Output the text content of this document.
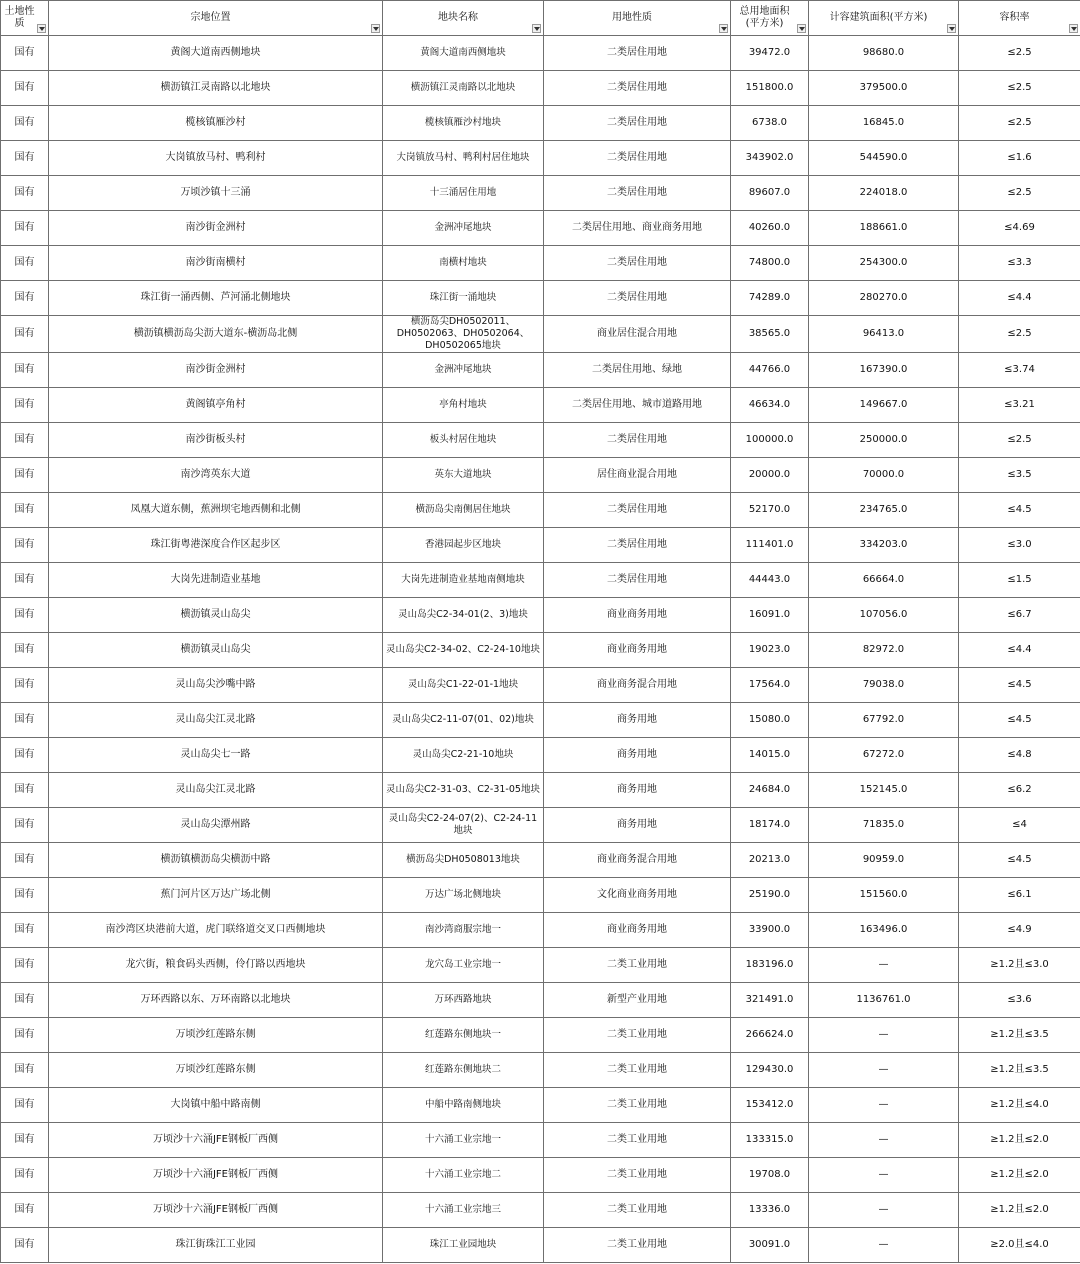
土地性质	宗地位置	地块名称	用地性质	总用地面积(平方米)	计容建筑面积(平方米)	容积率

国有	黄阁大道南西侧地块	黄阁大道南西侧地块	二类居住用地	39472.0	98680.0	≤2.5
国有	横沥镇江灵南路以北地块	横沥镇江灵南路以北地块	二类居住用地	151800.0	379500.0	≤2.5
国有	榄核镇雁沙村	榄核镇雁沙村地块	二类居住用地	6738.0	16845.0	≤2.5
国有	大岗镇放马村、鸭利村	大岗镇放马村、鸭利村居住地块	二类居住用地	343902.0	544590.0	≤1.6
国有	万顷沙镇十三涌	十三涌居住用地	二类居住用地	89607.0	224018.0	≤2.5
国有	南沙街金洲村	金洲冲尾地块	二类居住用地、商业商务用地	40260.0	188661.0	≤4.69
国有	南沙街南横村	南横村地块	二类居住用地	74800.0	254300.0	≤3.3
国有	珠江街一涌西侧、芦河涌北侧地块	珠江街一涌地块	二类居住用地	74289.0	280270.0	≤4.4
国有	横沥镇横沥岛尖沥大道东-横沥岛北侧	横沥岛尖DH0502011、DH0502063、DH0502064、DH0502065地块	商业居住混合用地	38565.0	96413.0	≤2.5
国有	南沙街金洲村	金洲冲尾地块	二类居住用地、绿地	44766.0	167390.0	≤3.74
国有	黄阁镇亭角村	亭角村地块	二类居住用地、城市道路用地	46634.0	149667.0	≤3.21
国有	南沙街板头村	板头村居住地块	二类居住用地	100000.0	250000.0	≤2.5
国有	南沙湾英东大道	英东大道地块	居住商业混合用地	20000.0	70000.0	≤3.5
国有	凤凰大道东侧，蕉洲坝宅地西侧和北侧	横沥岛尖南侧居住地块	二类居住用地	52170.0	234765.0	≤4.5
国有	珠江街粤港深度合作区起步区	香港园起步区地块	二类居住用地	111401.0	334203.0	≤3.0
国有	大岗先进制造业基地	大岗先进制造业基地南侧地块	二类居住用地	44443.0	66664.0	≤1.5
国有	横沥镇灵山岛尖	灵山岛尖C2-34-01(2、3)地块	商业商务用地	16091.0	107056.0	≤6.7
国有	横沥镇灵山岛尖	灵山岛尖C2-34-02、C2-24-10地块	商业商务用地	19023.0	82972.0	≤4.4
国有	灵山岛尖沙嘴中路	灵山岛尖C1-22-01-1地块	商业商务混合用地	17564.0	79038.0	≤4.5
国有	灵山岛尖江灵北路	灵山岛尖C2-11-07(01、02)地块	商务用地	15080.0	67792.0	≤4.5
国有	灵山岛尖七一路	灵山岛尖C2-21-10地块	商务用地	14015.0	67272.0	≤4.8
国有	灵山岛尖江灵北路	灵山岛尖C2-31-03、C2-31-05地块	商务用地	24684.0	152145.0	≤6.2
国有	灵山岛尖潭州路	灵山岛尖C2-24-07(2)、C2-24-11地块	商务用地	18174.0	71835.0	≤4
国有	横沥镇横沥岛尖横沥中路	横沥岛尖DH0508013地块	商业商务混合用地	20213.0	90959.0	≤4.5
国有	蕉门河片区万达广场北侧	万达广场北侧地块	文化商业商务用地	25190.0	151560.0	≤6.1
国有	南沙湾区块港前大道，虎门联络道交叉口西侧地块	南沙湾商服宗地一	商业商务用地	33900.0	163496.0	≤4.9
国有	龙穴街，粮食码头西侧，伶仃路以西地块	龙穴岛工业宗地一	二类工业用地	183196.0	—	≥1.2且≤3.0
国有	万环西路以东、万环南路以北地块	万环西路地块	新型产业用地	321491.0	1136761.0	≤3.6
国有	万顷沙红莲路东侧	红莲路东侧地块一	二类工业用地	266624.0	—	≥1.2且≤3.5
国有	万顷沙红莲路东侧	红莲路东侧地块二	二类工业用地	129430.0	—	≥1.2且≤3.5
国有	大岗镇中船中路南侧	中船中路南侧地块	二类工业用地	153412.0	—	≥1.2且≤4.0
国有	万顷沙十六涌JFE钢板厂西侧	十六涌工业宗地一	二类工业用地	133315.0	—	≥1.2且≤2.0
国有	万顷沙十六涌JFE钢板厂西侧	十六涌工业宗地二	二类工业用地	19708.0	—	≥1.2且≤2.0
国有	万顷沙十六涌JFE钢板厂西侧	十六涌工业宗地三	二类工业用地	13336.0	—	≥1.2且≤2.0
国有	珠江街珠江工业园	珠江工业园地块	二类工业用地	30091.0	—	≥2.0且≤4.0
